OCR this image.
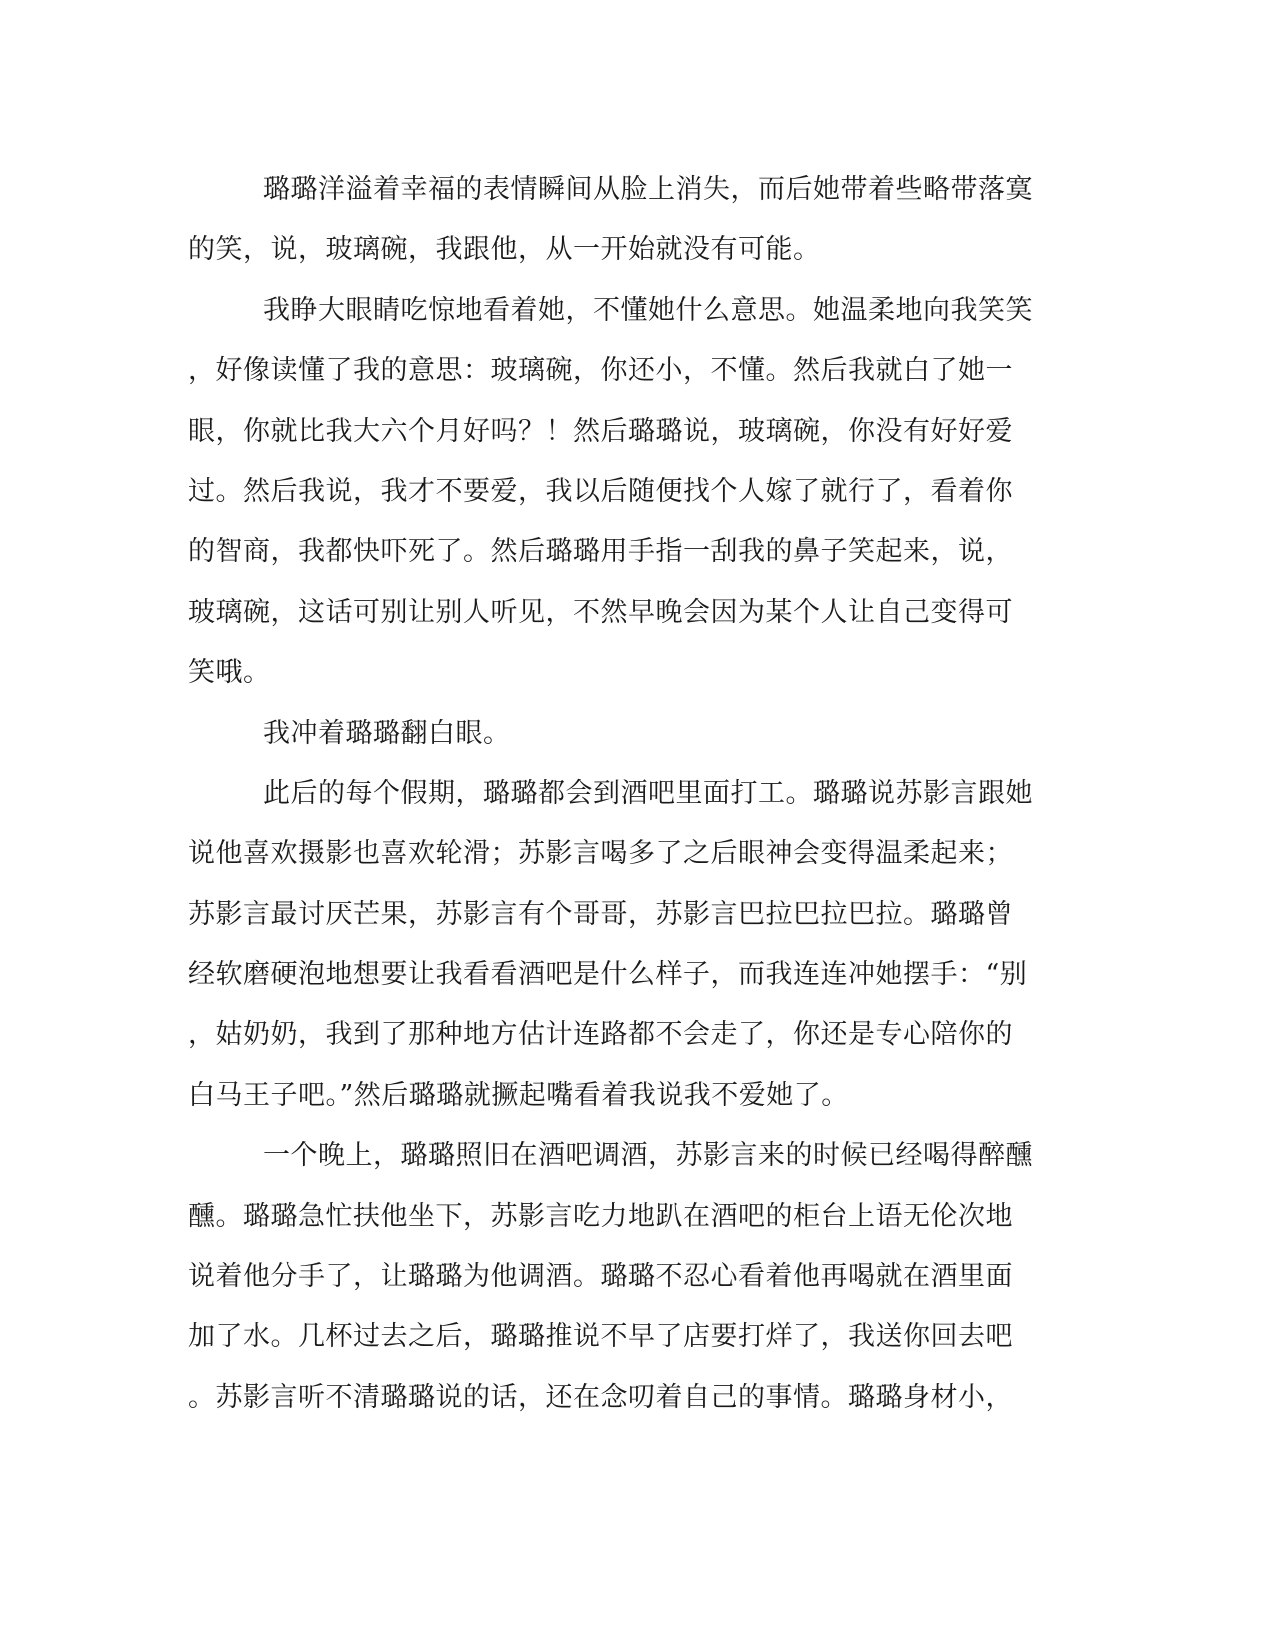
璐璐洋溢着幸福的表情瞬间从脸上消失，而后她带着些略带落寞
的笑，说，玻璃碗，我跟他，从一开始就没有可能。
我睁大眼睛吃惊地看着她，不懂她什么意思。她温柔地向我笑笑
，好像读懂了我的意思：玻璃碗，你还小，不懂。然后我就白了她一
眼，你就比我大六个月好吗？！然后璐璐说，玻璃碗，你没有好好爱
过。然后我说，我才不要爱，我以后随便找个人嫁了就行了，看着你
的智商，我都快吓死了。然后璐璐用手指一刮我的鼻子笑起来，说，
玻璃碗，这话可别让别人听见，不然早晚会因为某个人让自己变得可
笑哦。
我冲着璐璐翻白眼。
此后的每个假期，璐璐都会到酒吧里面打工。璐璐说苏影言跟她
说他喜欢摄影也喜欢轮滑；苏影言喝多了之后眼神会变得温柔起来；
苏影言最讨厌芒果，苏影言有个哥哥，苏影言巴拉巴拉巴拉。璐璐曾
经软磨硬泡地想要让我看看酒吧是什么样子，而我连连冲她摆手：“别
，姑奶奶，我到了那种地方估计连路都不会走了，你还是专心陪你的
白马王子吧。”然后璐璐就撅起嘴看着我说我不爱她了。
一个晚上，璐璐照旧在酒吧调酒，苏影言来的时候已经喝得醉醺
醺。璐璐急忙扶他坐下，苏影言吃力地趴在酒吧的柜台上语无伦次地
说着他分手了，让璐璐为他调酒。璐璐不忍心看着他再喝就在酒里面
加了水。几杯过去之后，璐璐推说不早了店要打烊了，我送你回去吧
。苏影言听不清璐璐说的话，还在念叨着自己的事情。璐璐身材小，
